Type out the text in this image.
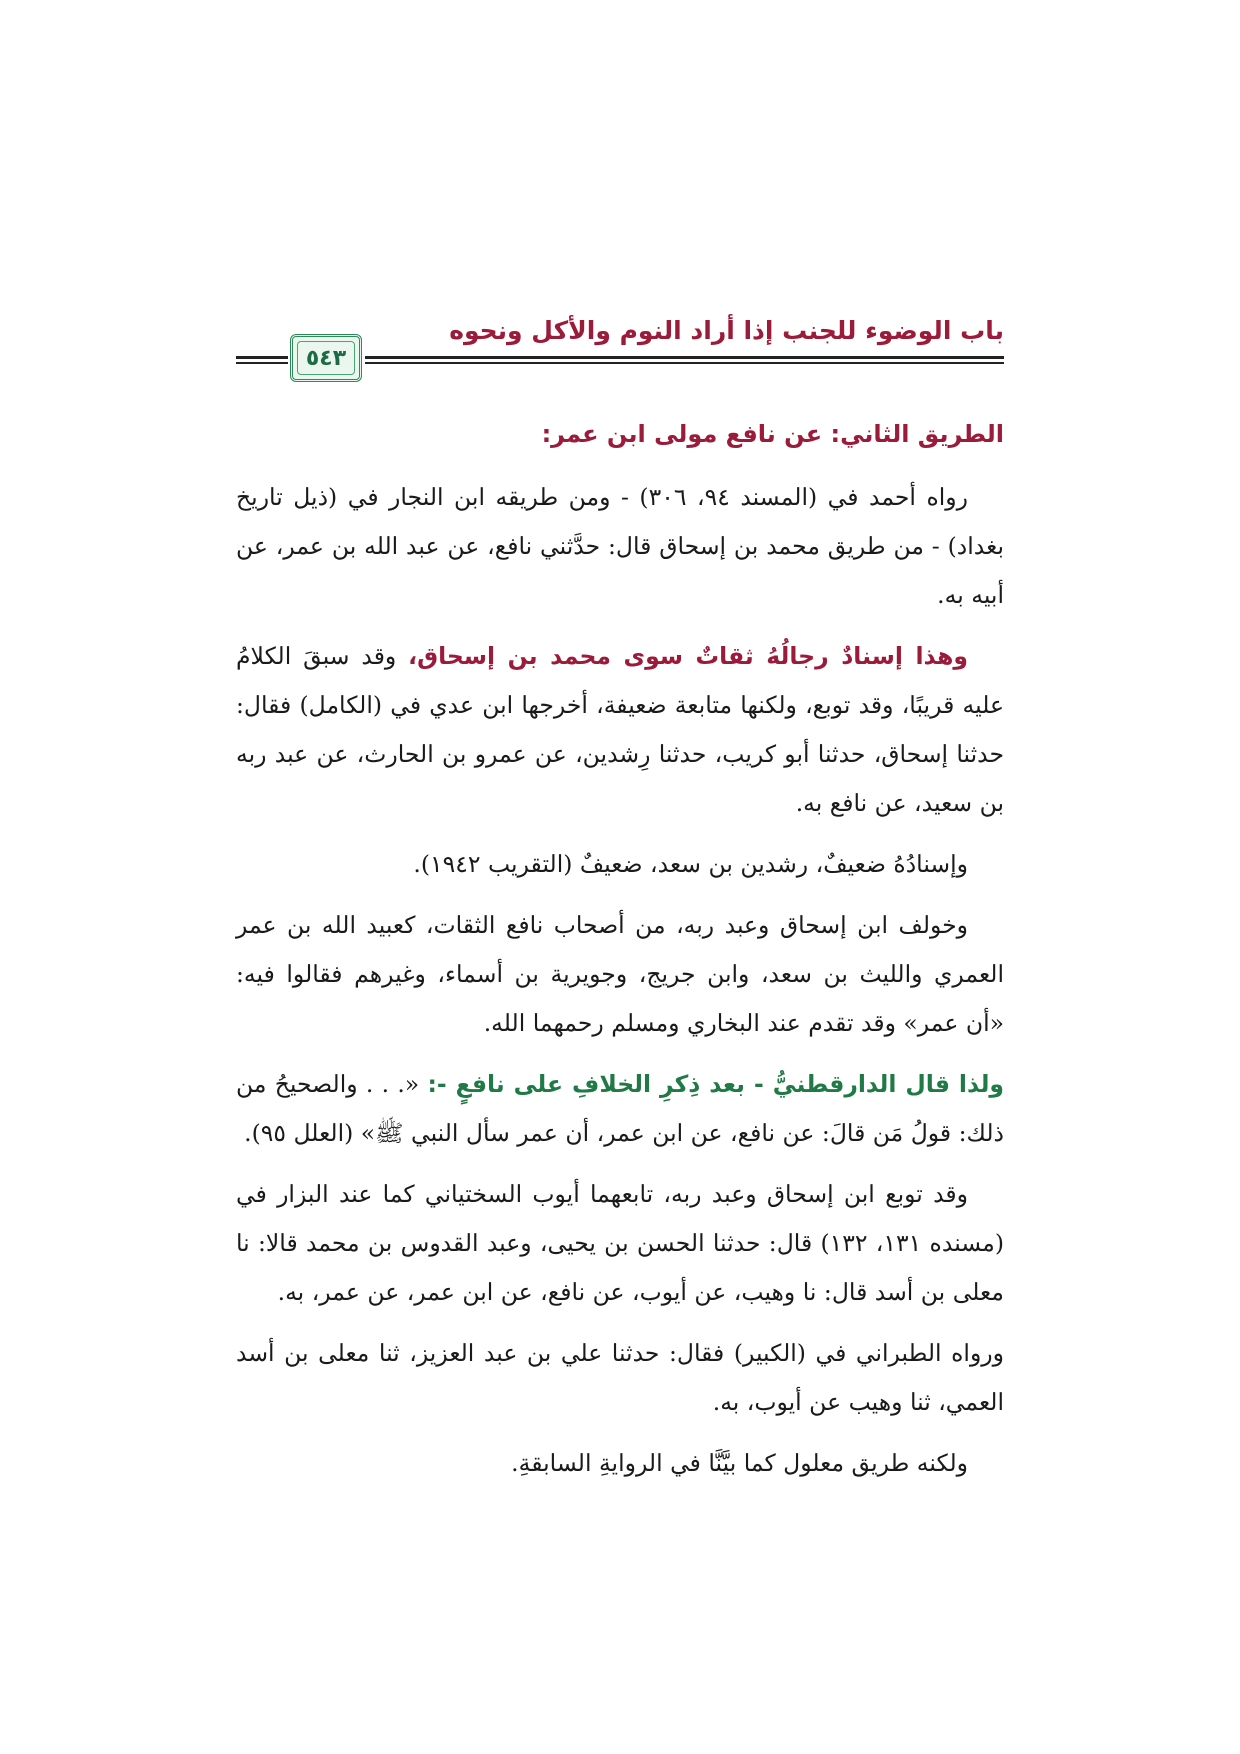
باب الوضوء للجنب إذا أراد النوم والأكل ونحوه
٥٤٣

الطريق الثاني: عن نافع مولى ابن عمر:

رواه أحمد في (المسند ٩٤، ٣٠٦) - ومن طريقه ابن النجار في (ذيل تاريخ بغداد) - من طريق محمد بن إسحاق قال: حدَّثني نافع، عن عبد الله بن عمر، عن أبيه به.

وهذا إسنادٌ رجالُهُ ثقاتٌ سوى محمد بن إسحاق، وقد سبقَ الكلامُ عليه قريبًا، وقد توبع، ولكنها متابعة ضعيفة، أخرجها ابن عدي في (الكامل) فقال: حدثنا إسحاق، حدثنا أبو كريب، حدثنا رِشدين، عن عمرو بن الحارث، عن عبد ربه بن سعيد، عن نافع به.

وإسنادُهُ ضعيفٌ، رشدين بن سعد، ضعيفٌ (التقريب ١٩٤٢).

وخولف ابن إسحاق وعبد ربه، من أصحاب نافع الثقات، كعبيد الله بن عمر العمري والليث بن سعد، وابن جريج، وجويرية بن أسماء، وغيرهم فقالوا فيه: «أن عمر» وقد تقدم عند البخاري ومسلم رحمهما الله.

ولذا قال الدارقطنيُّ - بعد ذِكرِ الخلافِ على نافعٍ -: «. . . والصحيحُ من ذلك: قولُ مَن قالَ: عن نافع، عن ابن عمر، أن عمر سأل النبي ﷺ» (العلل ٩٥).

وقد توبع ابن إسحاق وعبد ربه، تابعهما أيوب السختياني كما عند البزار في (مسنده ١٣١، ١٣٢) قال: حدثنا الحسن بن يحيى، وعبد القدوس بن محمد قالا: نا معلى بن أسد قال: نا وهيب، عن أيوب، عن نافع، عن ابن عمر، عن عمر، به.

ورواه الطبراني في (الكبير) فقال: حدثنا علي بن عبد العزيز، ثنا معلى بن أسد العمي، ثنا وهيب عن أيوب، به.

ولكنه طريق معلول كما بيَّنَّا في الروايةِ السابقةِ.
